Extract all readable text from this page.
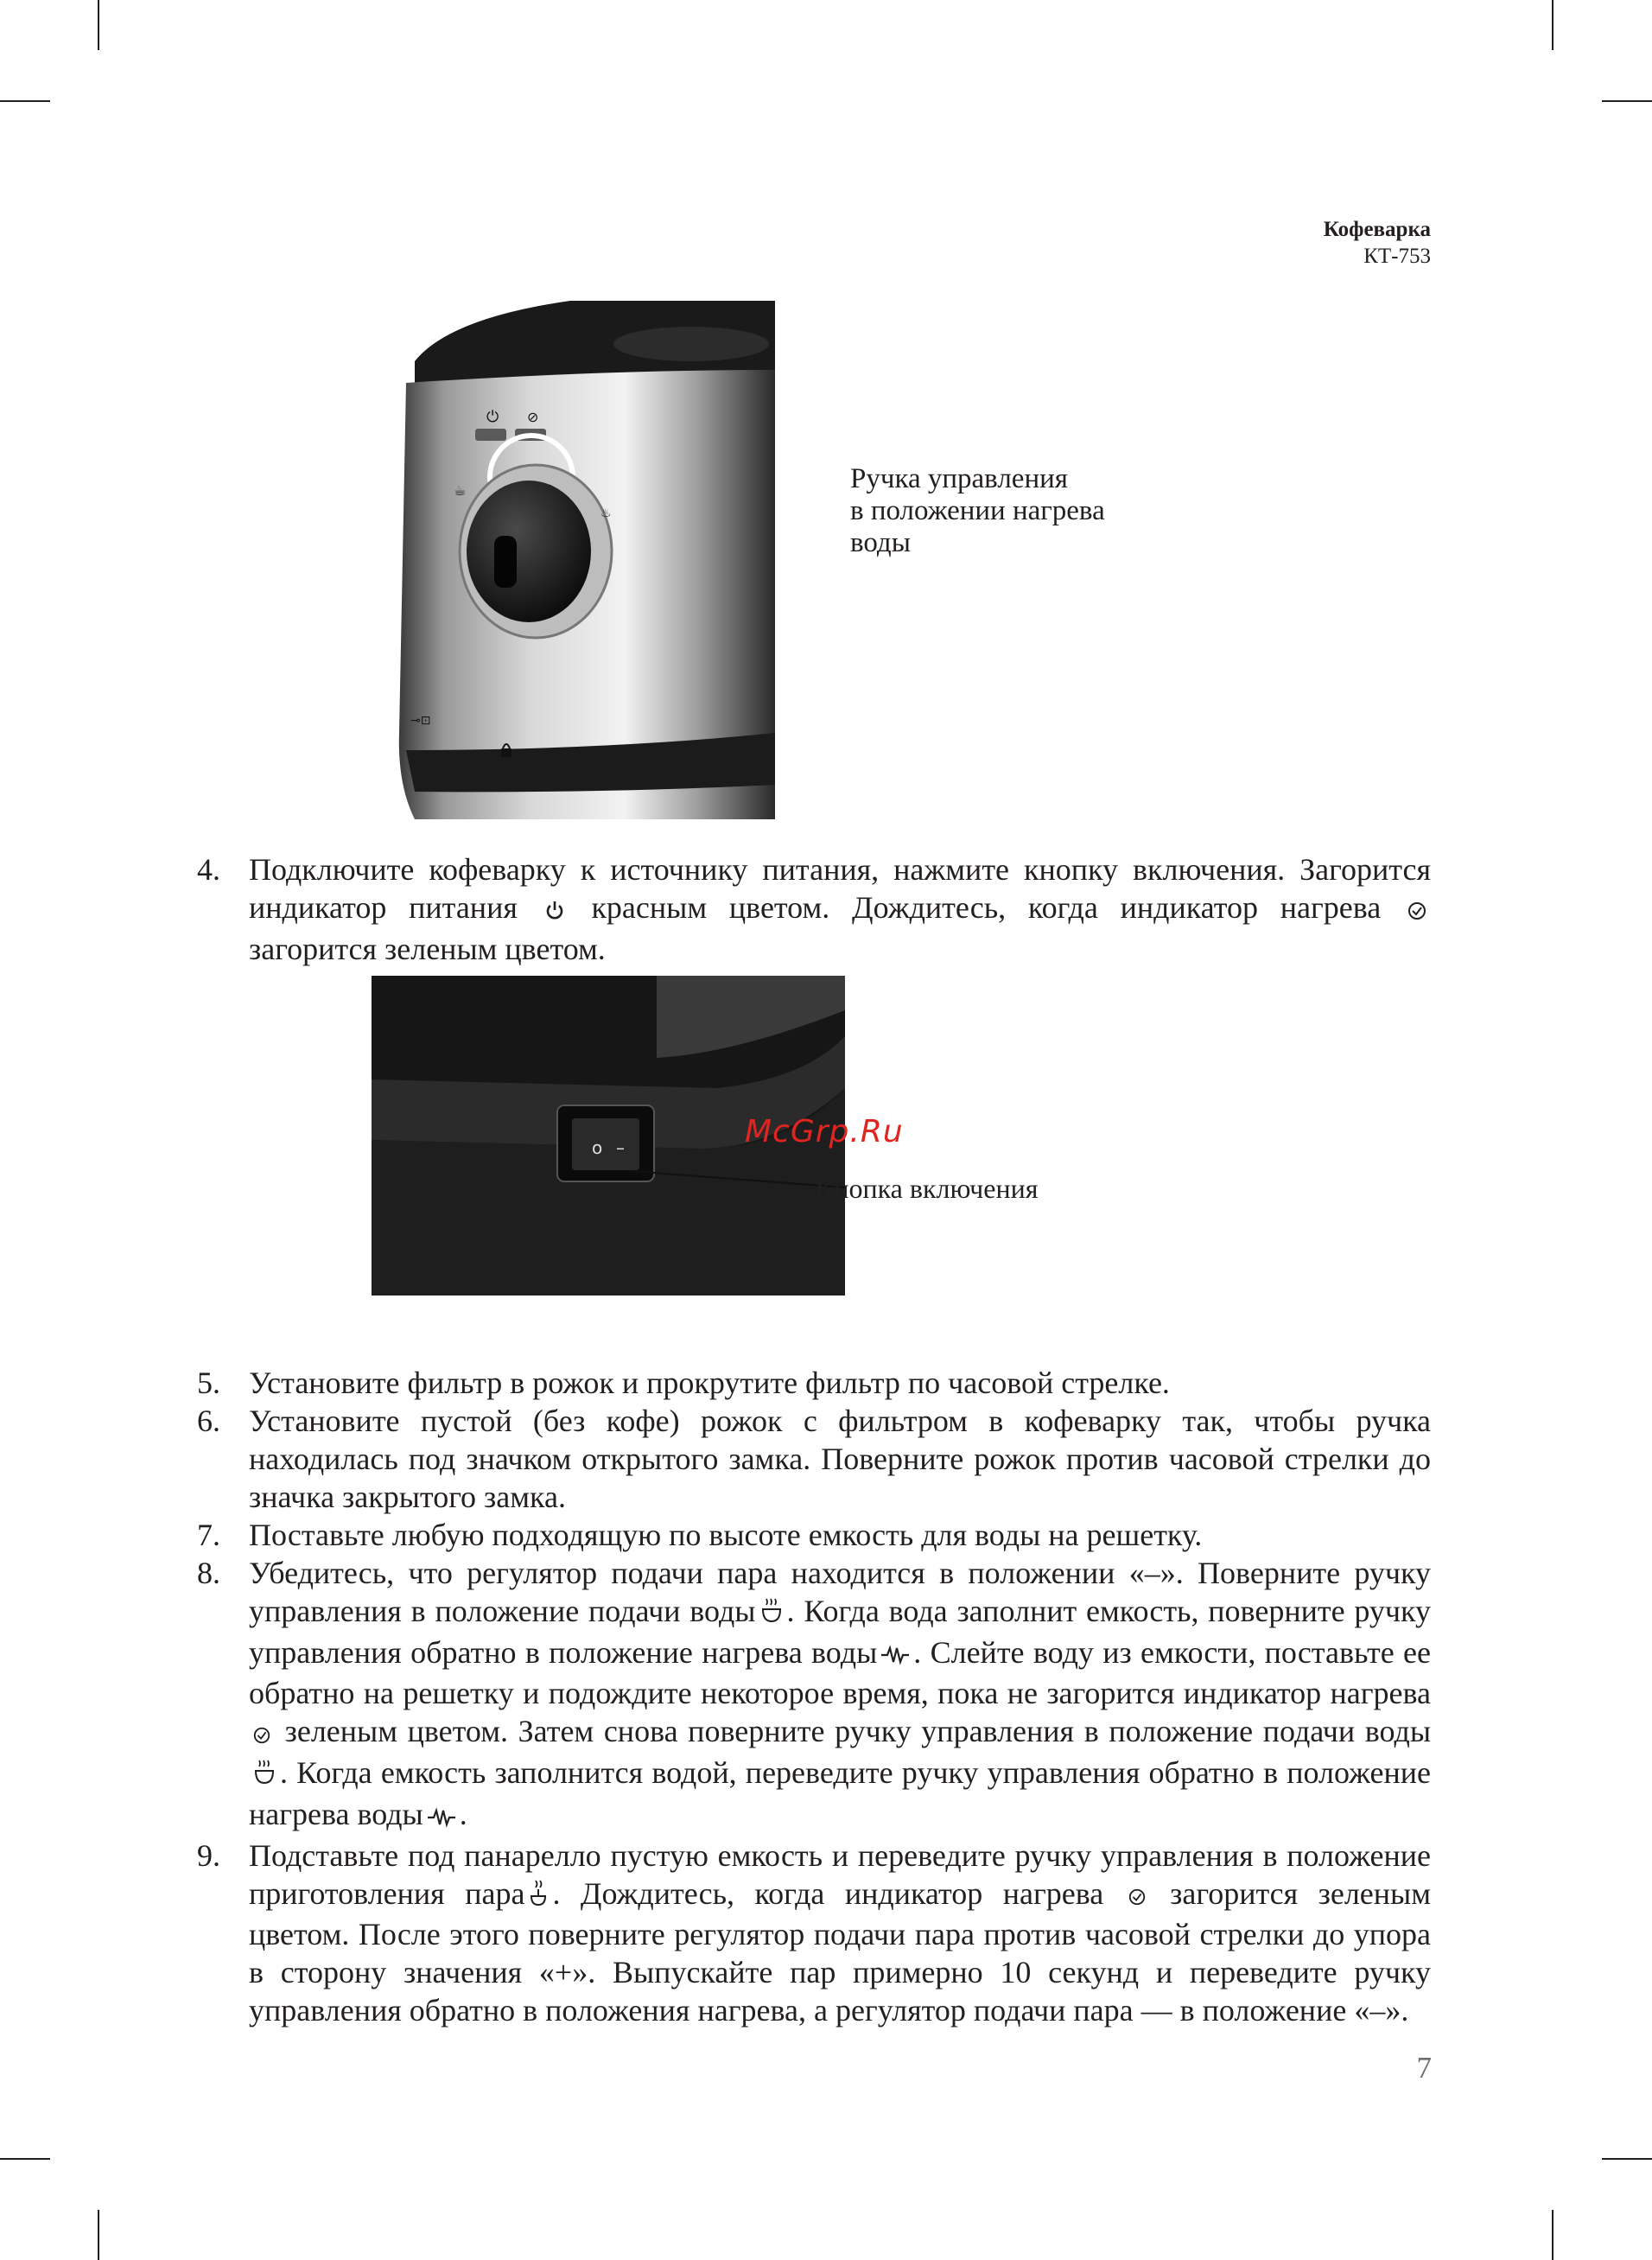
Кофеварка
КТ-753
⏻ ⊘
☕
♨
⊸⊡
Ручка управления
в положении нагрева
воды
4. Подключите кофеварку к источнику питания, нажмите кнопку включения. Загорится индикатор питания красным цветом. Дождитесь, когда индикатор нагрева  загорится зеленым цветом.
o –
Кнопка включения
McGrp.Ru
5. Установите фильтр в рожок и прокрутите фильтр по часовой стрелке.
6. Установите пустой (без кофе) рожок с фильтром в кофеварку так, чтобы ручка находилась под значком открытого замка. Поверните рожок против часовой стрелки до значка закрытого замка.
7. Поставьте любую подходящую по высоте емкость для воды на решетку.
8. Убедитесь, что регулятор подачи пара находится в положении «–». Поверните ручку управления в положение подачи воды . Когда вода заполнит емкость, поверните ручку управления обратно в положение нагрева воды . Слейте воду из емкости, поставьте ее обратно на решетку и подождите некоторое время, пока не загорится индикатор нагрева  зеленым цветом. Затем снова поверните ручку управления в положение подачи воды. Когда емкость заполнится водой, переведите ручку управления обратно в положение нагрева воды .
9. Подставьте под панарелло пустую емкость и переведите ручку управления в положение приготовления пара . Дождитесь, когда индикатор нагрева загорится зеленым цветом. После этого поверните регулятор подачи пара против часовой стрелки до упора в сторону значения «+». Выпускайте пар примерно 10 секунд и переведите ручку управления обратно в положения нагрева, а регулятор подачи пара — в положение «–».
7
